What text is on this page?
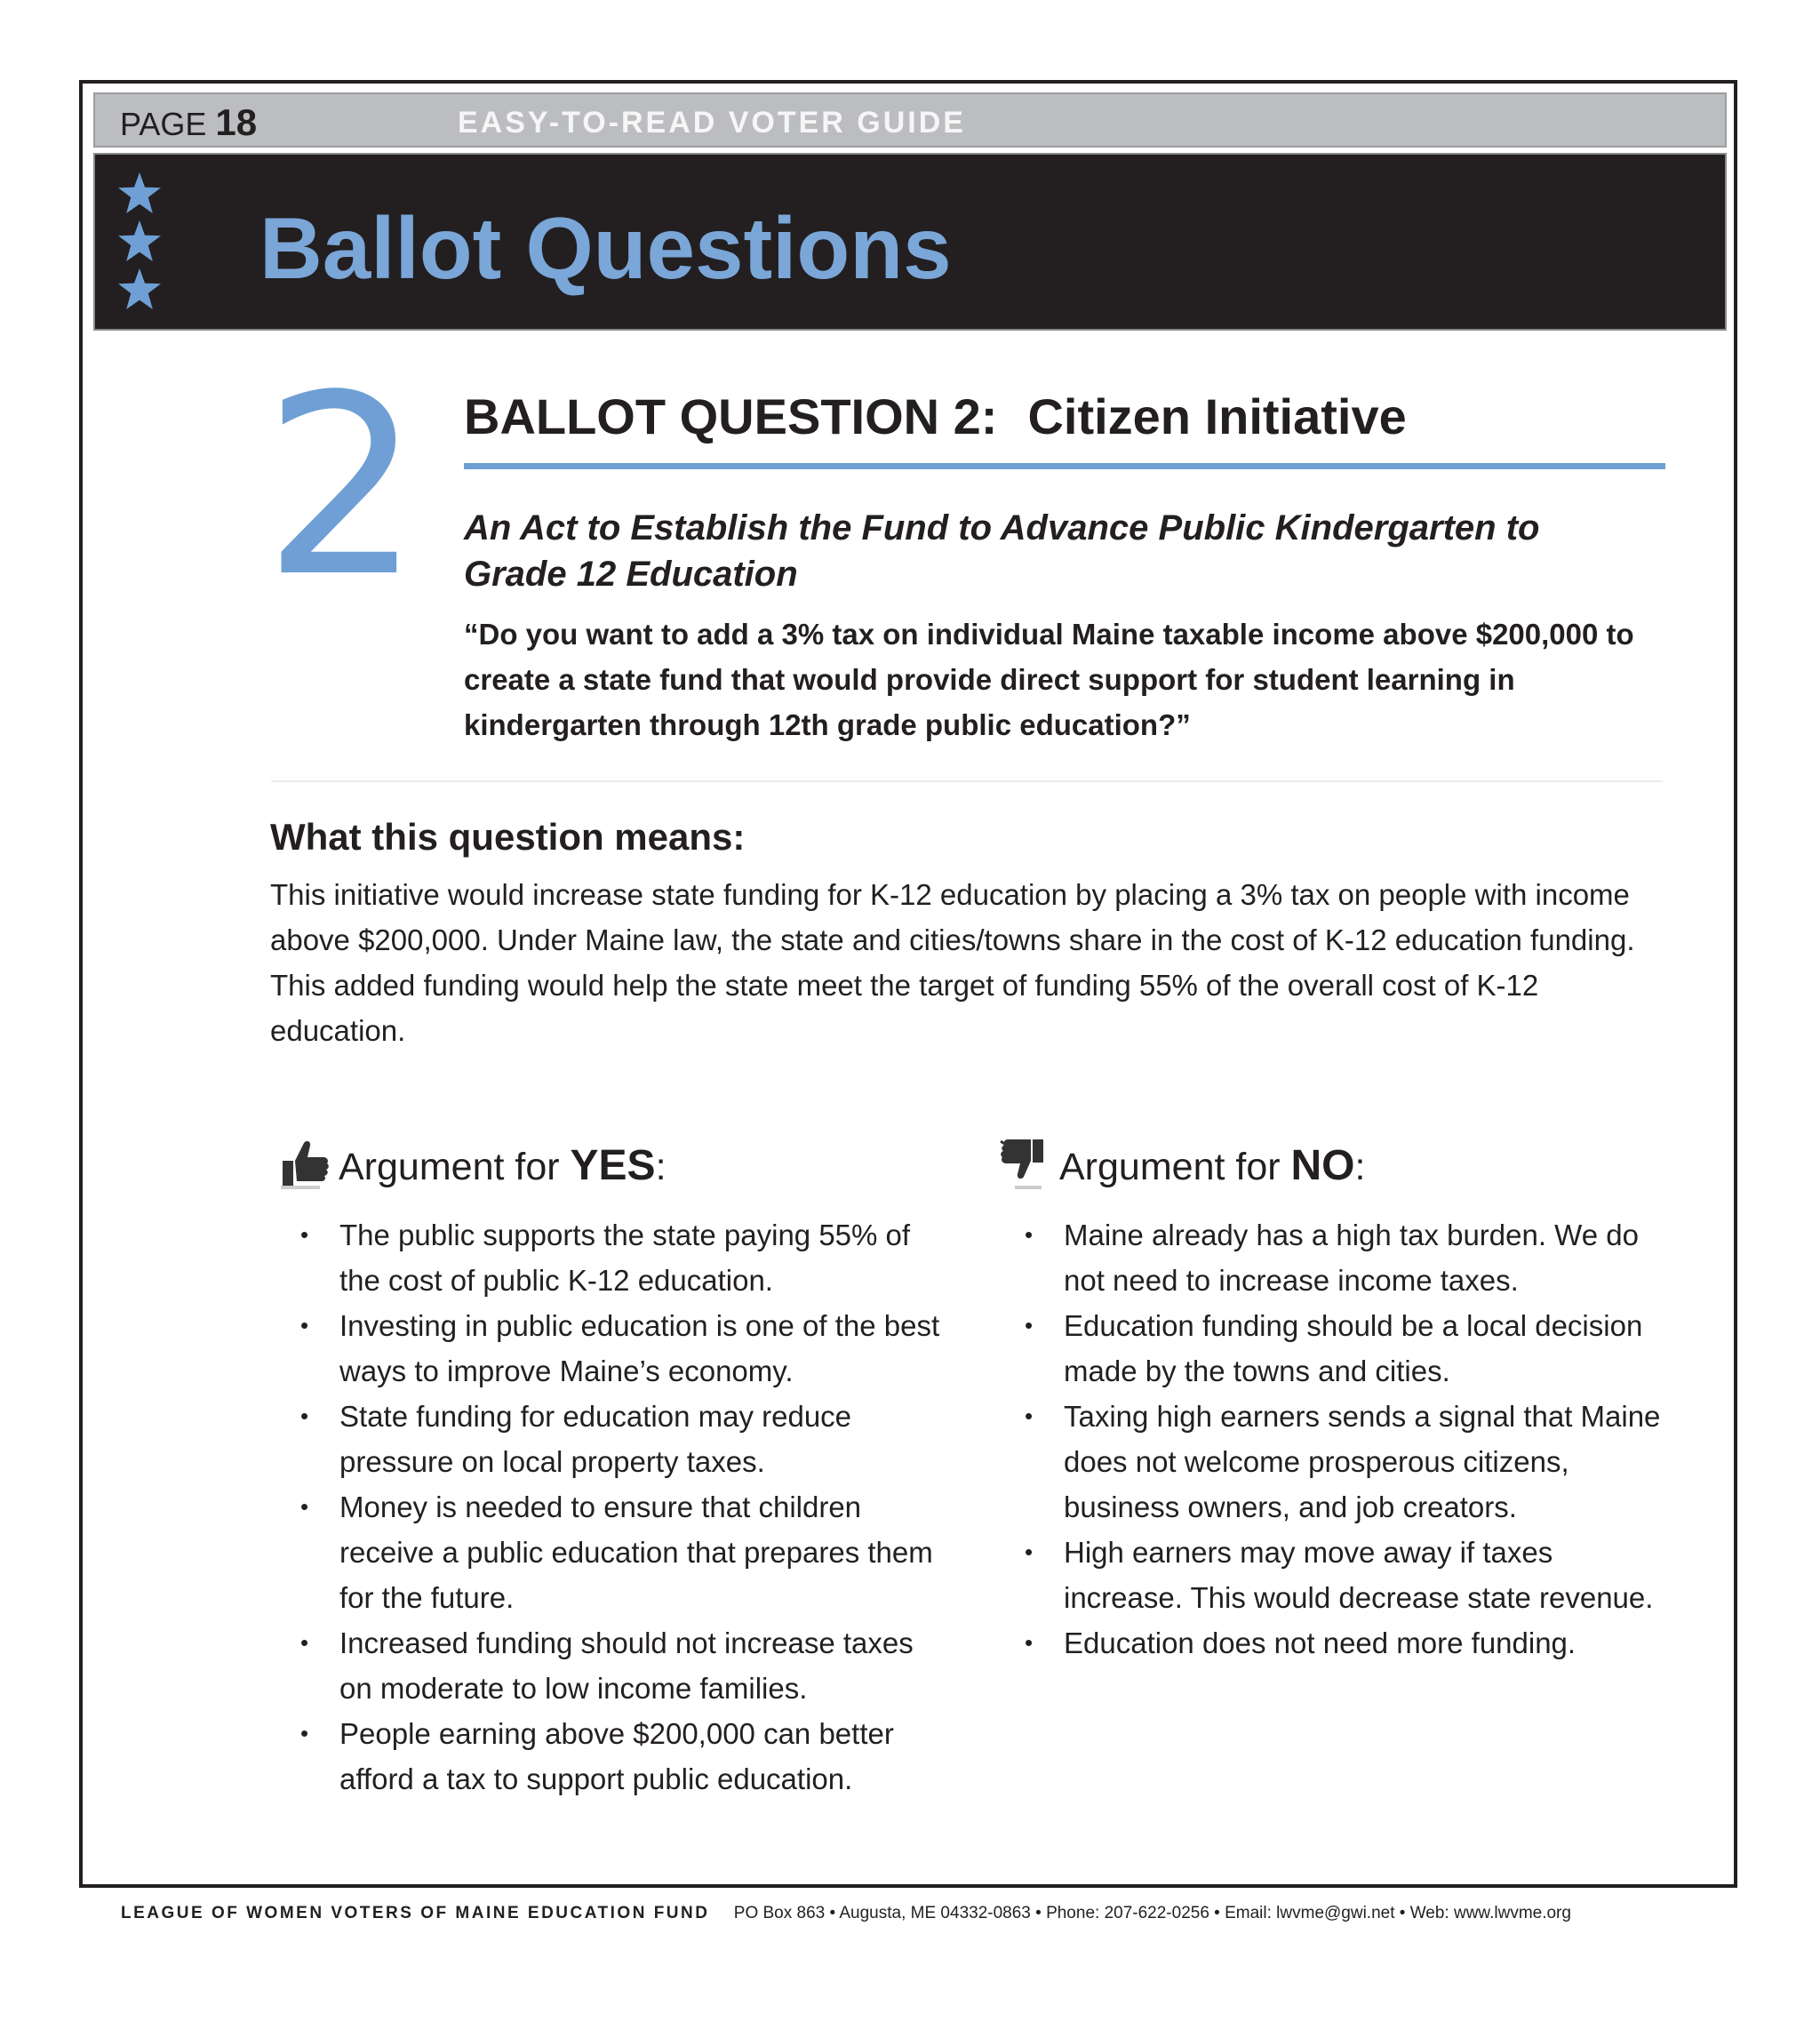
PAGE 18	EASY-TO-READ VOTER GUIDE
Ballot Questions
2 BALLOT QUESTION 2: Citizen Initiative
An Act to Establish the Fund to Advance Public Kindergarten to Grade 12 Education
“Do you want to add a 3% tax on individual Maine taxable income above $200,000 to create a state fund that would provide direct support for student learning in kindergarten through 12th grade public education?”
What this question means:
This initiative would increase state funding for K-12 education by placing a 3% tax on people with income above $200,000. Under Maine law, the state and cities/towns share in the cost of K-12 education funding. This added funding would help the state meet the target of funding 55% of the overall cost of K-12 education.
Argument for YES:
• The public supports the state paying 55% of the cost of public K-12 education.
• Investing in public education is one of the best ways to improve Maine’s economy.
• State funding for education may reduce pressure on local property taxes.
• Money is needed to ensure that children receive a public education that prepares them for the future.
• Increased funding should not increase taxes on moderate to low income families.
• People earning above $200,000 can better afford a tax to support public education.
Argument for NO:
• Maine already has a high tax burden. We do not need to increase income taxes.
• Education funding should be a local decision made by the towns and cities.
• Taxing high earners sends a signal that Maine does not welcome prosperous citizens, business owners, and job creators.
• High earners may move away if taxes increase. This would decrease state revenue.
• Education does not need more funding.
LEAGUE OF WOMEN VOTERS OF MAINE EDUCATION FUND PO Box 863 • Augusta, ME 04332-0863 • Phone: 207-622-0256 • Email: lwvme@gwi.net • Web: www.lwvme.org
